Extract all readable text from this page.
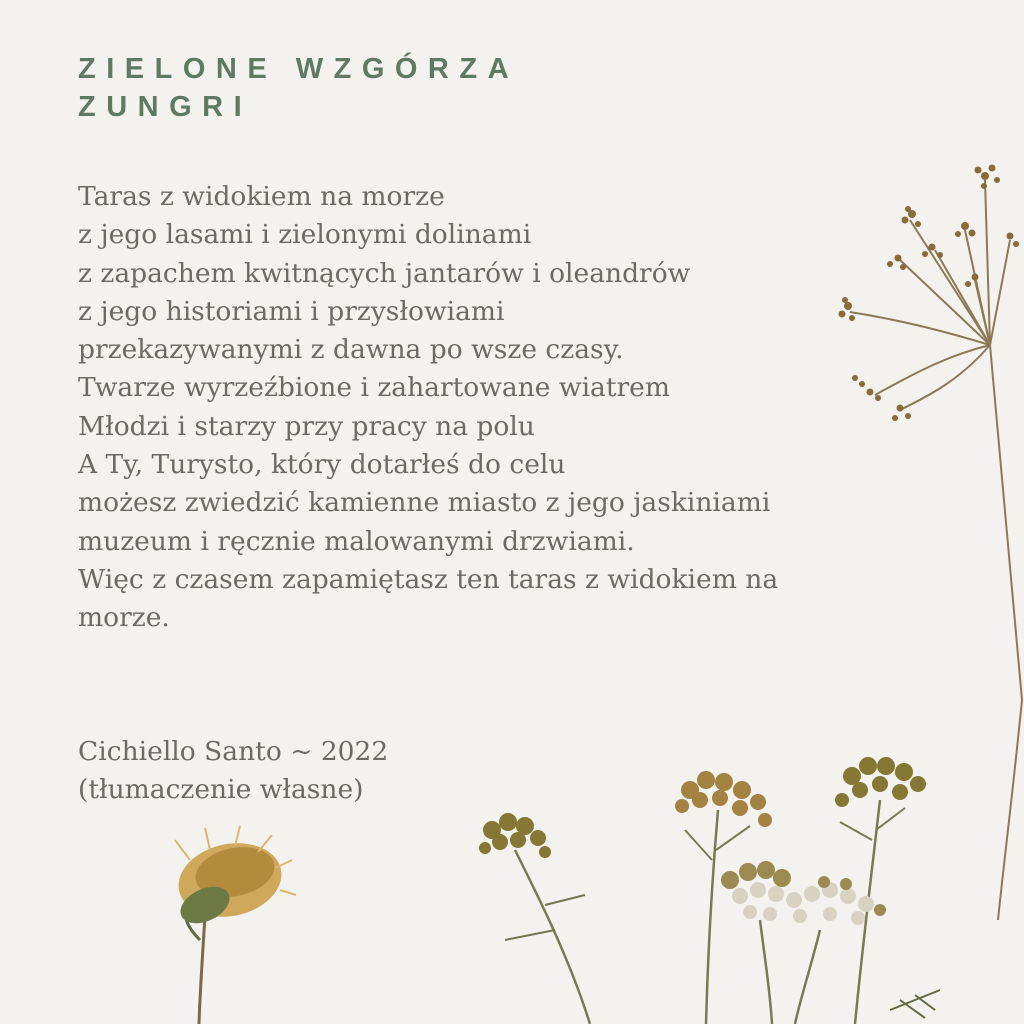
ZIELONE WZGÓRZA
ZUNGRI
Taras z widokiem na morze
z jego lasami i zielonymi dolinami
z zapachem kwitnących jantarów i oleandrów
z jego historiami i przysłowiami
przekazywanymi z dawna po wsze czasy.
Twarze wyrzeźbione i zahartowane wiatrem
Młodzi i starzy przy pracy na polu
A Ty, Turysto, który dotarłeś do celu
możesz zwiedzić kamienne miasto z jego jaskiniami
muzeum i ręcznie malowanymi drzwiami.
Więc z czasem zapamiętasz ten taras z widokiem na
morze.
Cichiello Santo ~ 2022
(tłumaczenie własne)
